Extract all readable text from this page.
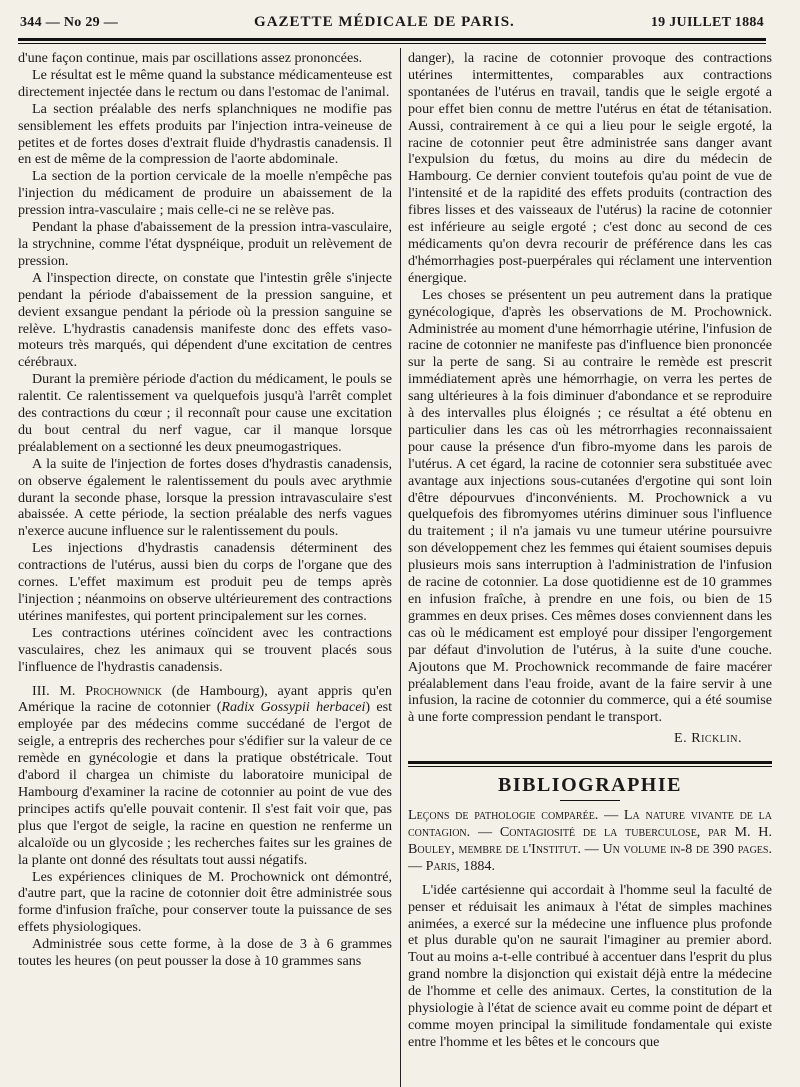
344 — No 29 —	GAZETTE MÉDICALE DE PARIS.	19 JUILLET 1884

d'une façon continue, mais par oscillations assez prononcées.

Le résultat est le même quand la substance médicamenteuse est directement injectée dans le rectum ou dans l'estomac de l'animal.

La section préalable des nerfs splanchniques ne modifie pas sensiblement les effets produits par l'injection intra-veineuse de petites et de fortes doses d'extrait fluide d'hydrastis canadensis. Il en est de même de la compression de l'aorte abdominale.

La section de la portion cervicale de la moelle n'empêche pas l'injection du médicament de produire un abaissement de la pression intra-vasculaire ; mais celle-ci ne se relève pas.

Pendant la phase d'abaissement de la pression intra-vasculaire, la strychnine, comme l'état dyspnéique, produit un relèvement de pression.

A l'inspection directe, on constate que l'intestin grêle s'injecte pendant la période d'abaissement de la pression sanguine, et devient exsangue pendant la période où la pression sanguine se relève. L'hydrastis canadensis manifeste donc des effets vaso-moteurs très marqués, qui dépendent d'une excitation de centres cérébraux.

Durant la première période d'action du médicament, le pouls se ralentit. Ce ralentissement va quelquefois jusqu'à l'arrêt complet des contractions du cœur ; il reconnaît pour cause une excitation du bout central du nerf vague, car il manque lorsque préalablement on a sectionné les deux pneumogastriques.

A la suite de l'injection de fortes doses d'hydrastis canadensis, on observe également le ralentissement du pouls avec arythmie durant la seconde phase, lorsque la pression intravasculaire s'est abaissée. A cette période, la section préalable des nerfs vagues n'exerce aucune influence sur le ralentissement du pouls.

Les injections d'hydrastis canadensis déterminent des contractions de l'utérus, aussi bien du corps de l'organe que des cornes. L'effet maximum est produit peu de temps après l'injection ; néanmoins on observe ultérieurement des contractions utérines manifestes, qui portent principalement sur les cornes.

Les contractions utérines coïncident avec les contractions vasculaires, chez les animaux qui se trouvent placés sous l'influence de l'hydrastis canadensis.

III. M. Prochownick (de Hambourg), ayant appris qu'en Amérique la racine de cotonnier (Radix Gossypii herbacei) est employée par des médecins comme succédané de l'ergot de seigle, a entrepris des recherches pour s'édifier sur la valeur de ce remède en gynécologie et dans la pratique obstétricale. Tout d'abord il chargea un chimiste du laboratoire municipal de Hambourg d'examiner la racine de cotonnier au point de vue des principes actifs qu'elle pouvait contenir. Il s'est fait voir que, pas plus que l'ergot de seigle, la racine en question ne renferme un alcaloïde ou un glycoside ; les recherches faites sur les graines de la plante ont donné des résultats tout aussi négatifs.

Les expériences cliniques de M. Prochownick ont démontré, d'autre part, que la racine de cotonnier doit être administrée sous forme d'infusion fraîche, pour conserver toute la puissance de ses effets physiologiques.

Administrée sous cette forme, à la dose de 3 à 6 grammes toutes les heures (on peut pousser la dose à 10 grammes sans

danger), la racine de cotonnier provoque des contractions utérines intermittentes, comparables aux contractions spontanées de l'utérus en travail, tandis que le seigle ergoté a pour effet bien connu de mettre l'utérus en état de tétanisation. Aussi, contrairement à ce qui a lieu pour le seigle ergoté, la racine de cotonnier peut être administrée sans danger avant l'expulsion du fœtus, du moins au dire du médecin de Hambourg. Ce dernier convient toutefois qu'au point de vue de l'intensité et de la rapidité des effets produits (contraction des fibres lisses et des vaisseaux de l'utérus) la racine de cotonnier est inférieure au seigle ergoté ; c'est donc au second de ces médicaments qu'on devra recourir de préférence dans les cas d'hémorrhagies post-puerpérales qui réclament une intervention énergique.

Les choses se présentent un peu autrement dans la pratique gynécologique, d'après les observations de M. Prochownick. Administrée au moment d'une hémorrhagie utérine, l'infusion de racine de cotonnier ne manifeste pas d'influence bien prononcée sur la perte de sang. Si au contraire le remède est prescrit immédiatement après une hémorrhagie, on verra les pertes de sang ultérieures à la fois diminuer d'abondance et se reproduire à des intervalles plus éloignés ; ce résultat a été obtenu en particulier dans les cas où les métrorrhagies reconnaissaient pour cause la présence d'un fibro-myome dans les parois de l'utérus. A cet égard, la racine de cotonnier sera substituée avec avantage aux injections sous-cutanées d'ergotine qui sont loin d'être dépourvues d'inconvénients. M. Prochownick a vu quelquefois des fibromyomes utérins diminuer sous l'influence du traitement ; il n'a jamais vu une tumeur utérine poursuivre son développement chez les femmes qui étaient soumises depuis plusieurs mois sans interruption à l'administration de l'infusion de racine de cotonnier. La dose quotidienne est de 10 grammes en infusion fraîche, à prendre en une fois, ou bien de 15 grammes en deux prises. Ces mêmes doses conviennent dans les cas où le médicament est employé pour dissiper l'engorgement par défaut d'involution de l'utérus, à la suite d'une couche. Ajoutons que M. Prochownick recommande de faire macérer préalablement dans l'eau froide, avant de la faire servir à une infusion, la racine de cotonnier du commerce, qui a été soumise à une forte compression pendant le transport.

E. Ricklin.

BIBLIOGRAPHIE

Leçons de pathologie comparée. — La nature vivante de la contagion. — Contagiosité de la tuberculose, par M. H. Bouley, membre de l'Institut. — Un volume in-8 de 390 pages. — Paris, 1884.

L'idée cartésienne qui accordait à l'homme seul la faculté de penser et réduisait les animaux à l'état de simples machines animées, a exercé sur la médecine une influence plus profonde et plus durable qu'on ne saurait l'imaginer au premier abord. Tout au moins a-t-elle contribué à accentuer dans l'esprit du plus grand nombre la disjonction qui existait déjà entre la médecine de l'homme et celle des animaux. Certes, la constitution de la physiologie à l'état de science avait eu comme point de départ et comme moyen principal la similitude fondamentale qui existe entre l'homme et les bêtes et le concours que
